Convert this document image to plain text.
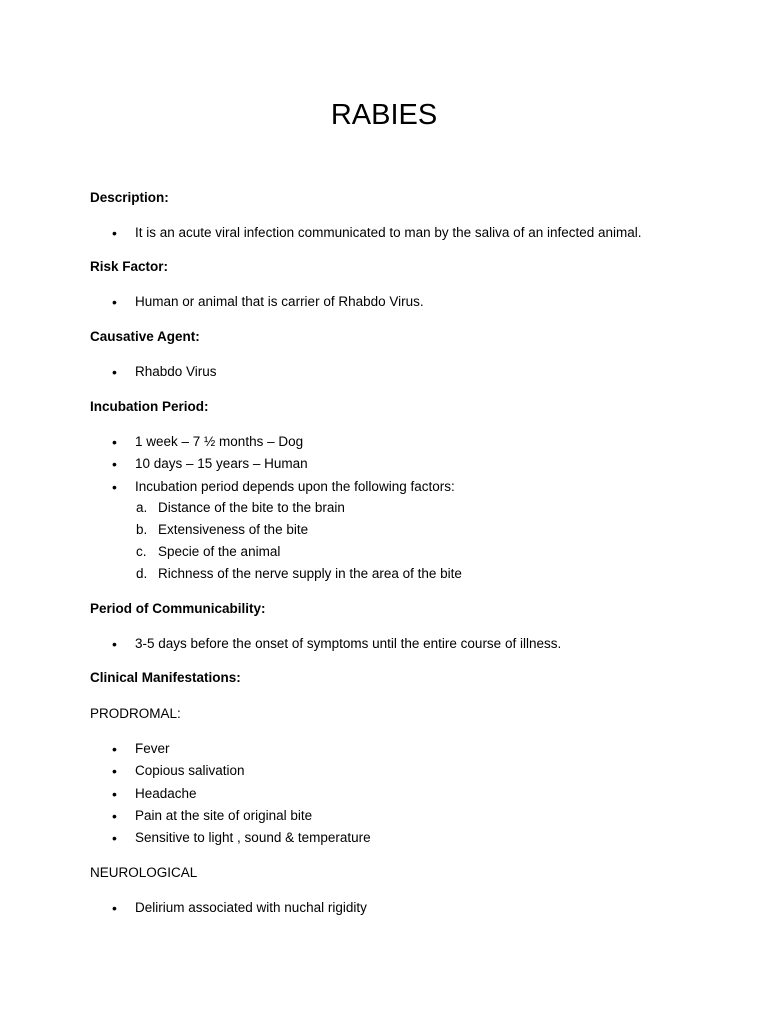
RABIES
Description:
• It is an acute viral infection communicated to man by the saliva of an infected animal.
Risk Factor:
• Human or animal that is carrier of Rhabdo Virus.
Causative Agent:
• Rhabdo Virus
Incubation Period:
• 1 week – 7 ½ months – Dog
• 10 days – 15 years – Human
• Incubation period depends upon the following factors:
a. Distance of the bite to the brain
b. Extensiveness of the bite
c. Specie of the animal
d. Richness of the nerve supply in the area of the bite
Period of Communicability:
• 3-5 days before the onset of symptoms until the entire course of illness.
Clinical Manifestations:
PRODROMAL:
• Fever
• Copious salivation
• Headache
• Pain at the site of original bite
• Sensitive to light , sound & temperature
NEUROLOGICAL
• Delirium associated with nuchal rigidity
